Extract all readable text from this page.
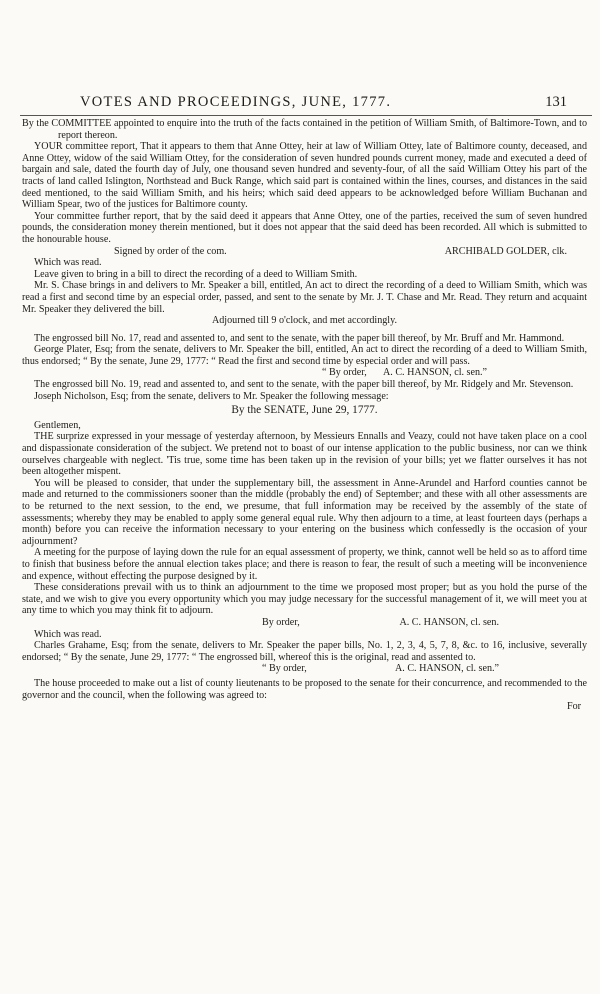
VOTES AND PROCEEDINGS, JUNE, 1777.	131

By the COMMITTEE appointed to enquire into the truth of the facts contained in the petition of William Smith, of Baltimore-Town, and to report thereon.

YOUR committee report, That it appears to them that Anne Ottey, heir at law of William Ottey, late of Baltimore county, deceased, and Anne Ottey, widow of the said William Ottey, for the consideration of seven hundred pounds current money, made and executed a deed of bargain and sale, dated the fourth day of July, one thousand seven hundred and seventy-four, of all the said William Ottey his part of the tracts of land called Islington, Northstead and Buck Range, which said part is contained within the lines, courses, and distances in the said deed mentioned, to the said William Smith, and his heirs; which said deed appears to be acknowledged before William Buchanan and William Spear, two of the justices for Baltimore county.

Your committee further report, that by the said deed it appears that Anne Ottey, one of the parties, received the sum of seven hundred pounds, the consideration money therein mentioned, but it does not appear that the said deed has been recorded. All which is submitted to the honourable house.

Signed by order of the com.	ARCHIBALD GOLDER, clk.

Which was read.

Leave given to bring in a bill to direct the recording of a deed to William Smith.

Mr. S. Chase brings in and delivers to Mr. Speaker a bill, entitled, An act to direct the recording of a deed to William Smith, which was read a first and second time by an especial order, passed, and sent to the senate by Mr. J. T. Chase and Mr. Read. They return and acquaint Mr. Speaker they delivered the bill.

Adjourned till 9 o'clock, and met accordingly.

The engrossed bill No. 17, read and assented to, and sent to the senate, with the paper bill thereof, by Mr. Bruff and Mr. Hammond.

George Plater, Esq; from the senate, delivers to Mr. Speaker the bill, entitled, An act to direct the recording of a deed to William Smith, thus endorsed; “ By the senate, June 29, 1777: “ Read the first and second time by especial order and will pass.

“ By order, A. C. HANSON, cl. sen.”

The engrossed bill No. 19, read and assented to, and sent to the senate, with the paper bill thereof, by Mr. Ridgely and Mr. Stevenson.

Joseph Nicholson, Esq; from the senate, delivers to Mr. Speaker the following message:

By the SENATE, June 29, 1777.

Gentlemen,

THE surprize expressed in your message of yesterday afternoon, by Messieurs Ennalls and Veazy, could not have taken place on a cool and dispassionate consideration of the subject. We pretend not to boast of our intense application to the public business, nor can we think ourselves chargeable with neglect. 'Tis true, some time has been taken up in the revision of your bills; yet we flatter ourselves it has not been altogether mispent.

You will be pleased to consider, that under the supplementary bill, the assessment in Anne-Arundel and Harford counties cannot be made and returned to the commissioners sooner than the middle (probably the end) of September; and these with all other assessments are to be returned to the next session, to the end, we presume, that full information may be received by the assembly of the state of assessments; whereby they may be enabled to apply some general equal rule. Why then adjourn to a time, at least fourteen days (perhaps a month) before you can receive the information necessary to your entering on the business which confessedly is the occasion of your adjournment?

A meeting for the purpose of laying down the rule for an equal assessment of property, we think, cannot well be held so as to afford time to finish that business before the annual election takes place; and there is reason to fear, the result of such a meeting will be inconvenience and expence, without effecting the purpose designed by it.

These considerations prevail with us to think an adjournment to the time we proposed most proper; but as you hold the purse of the state, and we wish to give you every opportunity which you may judge necessary for the successful management of it, we will meet you at any time to which you may think fit to adjourn.

By order,	A. C. HANSON, cl. sen.

Which was read.

Charles Grahame, Esq; from the senate, delivers to Mr. Speaker the paper bills, No. 1, 2, 3, 4, 5, 7, 8, &c. to 16, inclusive, severally endorsed; “ By the senate, June 29, 1777: “ The engrossed bill, whereof this is the original, read and assented to.

“ By order,	A. C. HANSON, cl. sen.”

The house proceeded to make out a list of county lieutenants to be proposed to the senate for their concurrence, and recommended to the governor and the council, when the following was agreed to:

For
